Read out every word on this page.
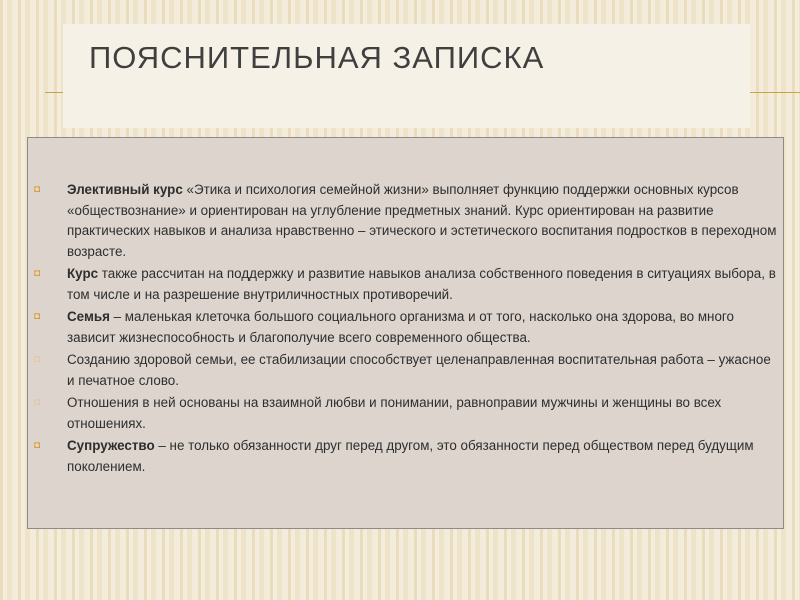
ПОЯСНИТЕЛЬНАЯ ЗАПИСКА
◘ Элективный курс «Этика и психология семейной жизни» выполняет функцию поддержки основных курсов «обществознание» и ориентирован на углубление предметных знаний. Курс ориентирован на развитие практических навыков и анализа нравственно – этического и эстетического воспитания подростков в переходном возрасте.
◘ Курс также рассчитан на поддержку и развитие навыков анализа собственного поведения в ситуациях выбора, в том числе и на разрешение внутриличностных противоречий.
◘ Семья – маленькая клеточка большого социального организма и от того, насколько она здорова, во много зависит жизнеспособность и благополучие всего современного общества.
◘ Созданию здоровой семьи, ее стабилизации способствует целенаправленная воспитательная работа – ужасное и печатное слово.
◘ Отношения в ней основаны на взаимной любви и понимании, равноправии мужчины и женщины во всех отношениях.
◘ Супружество – не только обязанности друг перед другом, это обязанности перед обществом перед будущим поколением.
